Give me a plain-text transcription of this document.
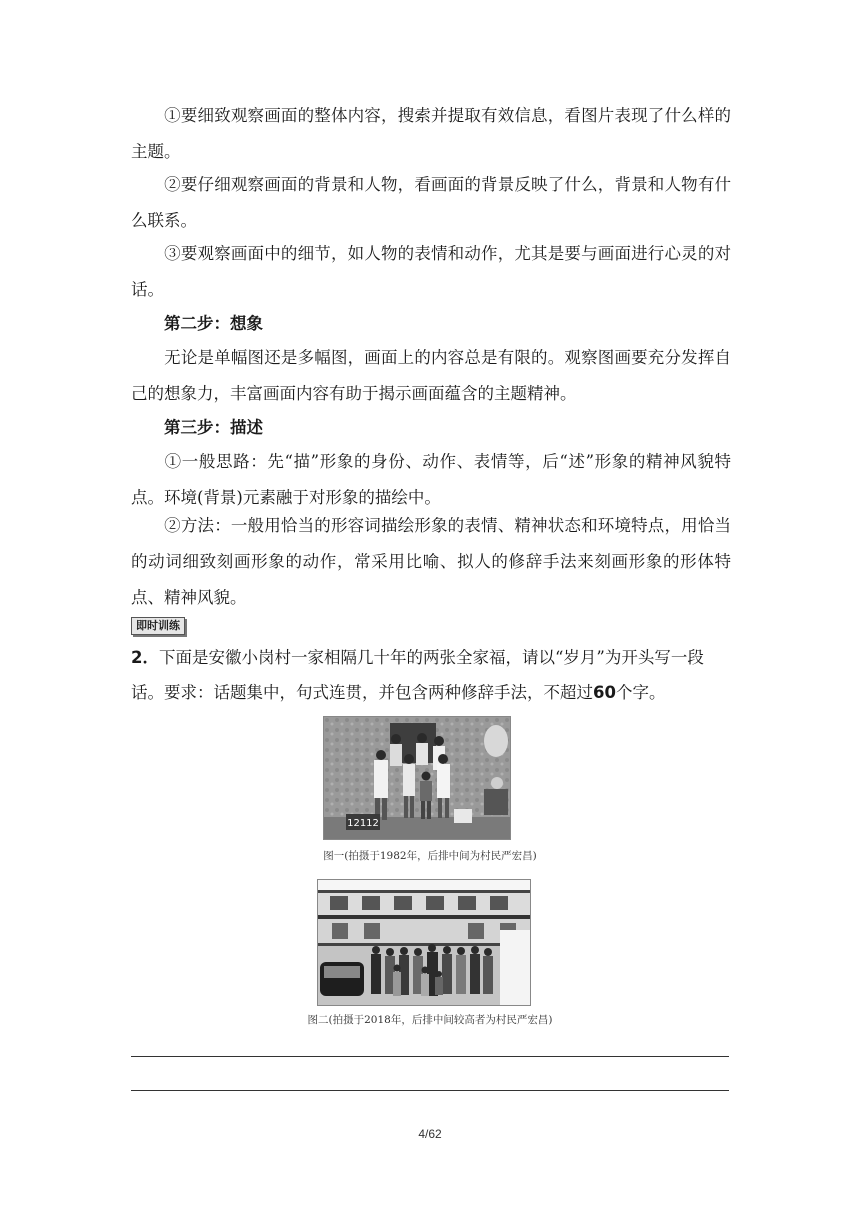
①要细致观察画面的整体内容，搜索并提取有效信息，看图片表现了什么样的主题。

②要仔细观察画面的背景和人物，看画面的背景反映了什么，背景和人物有什么联系。

③要观察画面中的细节，如人物的表情和动作，尤其是要与画面进行心灵的对话。

第二步：想象

无论是单幅图还是多幅图，画面上的内容总是有限的。观察图画要充分发挥自己的想象力，丰富画面内容有助于揭示画面蕴含的主题精神。

第三步：描述

①一般思路：先“描”形象的身份、动作、表情等，后“述”形象的精神风貌特点。环境(背景)元素融于对形象的描绘中。

②方法：一般用恰当的形容词描绘形象的表情、精神状态和环境特点，用恰当的动词细致刻画形象的动作，常采用比喻、拟人的修辞手法来刻画形象的形体特点、精神风貌。

即时训练
2．下面是安徽小岗村一家相隔几十年的两张全家福，请以“岁月”为开头写一段话。要求：话题集中，句式连贯，并包含两种修辞手法，不超过60个字。
12112
图一(拍摄于1982年，后排中间为村民严宏昌)
图二(拍摄于2018年，后排中间较高者为村民严宏昌)
4/62
